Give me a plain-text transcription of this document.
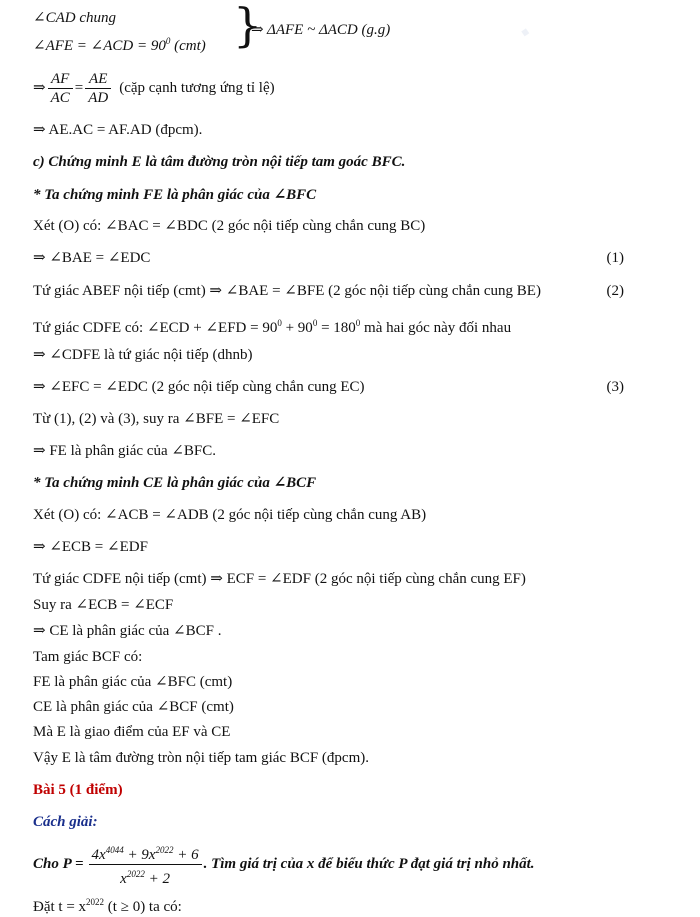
·
∠CAD chung
∠AFE = ∠ACD = $90^0$ (cmt) }
⇒ ΔAFE ~ ΔACD (g.g)
⇒ $\frac{AF}{AC} = \frac{AE}{AD}$ (cặp cạnh tương ứng tỉ lệ)
⇒ AE.AC = AF.AD (đpcm).
c) Chứng minh E là tâm đường tròn nội tiếp tam goác BFC.
* Ta chứng minh FE là phân giác của ∠BFC
Xét (O) có: ∠BAC = ∠BDC (2 góc nội tiếp cùng chắn cung BC)
⇒ ∠BAE = ∠EDC	(1)
Tứ giác ABEF nội tiếp (cmt) ⇒ ∠BAE = ∠BFE (2 góc nội tiếp cùng chắn cung BE)	(2)
Tứ giác CDFE có: ∠ECD + ∠EFD = $90^0 + 90^0 = 180^0$ mà hai góc này đối nhau
⇒ ∠CDFE là tứ giác nội tiếp (dhnb)
⇒ ∠EFC = ∠EDC (2 góc nội tiếp cùng chắn cung EC)	(3)
Từ (1), (2) và (3), suy ra ∠BFE = ∠EFC
⇒ FE là phân giác của ∠BFC.
* Ta chứng minh CE là phân giác của ∠BCF
Xét (O) có: ∠ACB = ∠ADB (2 góc nội tiếp cùng chắn cung AB)
⇒ ∠ECB = ∠EDF
Tứ giác CDFE nội tiếp (cmt) ⇒ ECF = ∠EDF (2 góc nội tiếp cùng chắn cung EF)
Suy ra ∠ECB = ∠ECF
⇒ CE là phân giác của ∠BCF .
Tam giác BCF có:
FE là phân giác của ∠BFC (cmt)
CE là phân giác của ∠BCF (cmt)
Mà E là giao điểm của EF và CE
Vậy E là tâm đường tròn nội tiếp tam giác BCF (đpcm).
Bài 5 (1 điểm)
Cách giải:
Cho $P = \frac{4x^{4044} + 9x^{2022} + 6}{x^{2022} + 2}$ . Tìm giá trị của x để biểu thức P đạt giá trị nhỏ nhất.
Đặt $t = x^{2022}$ (t ≥ 0) ta có:
